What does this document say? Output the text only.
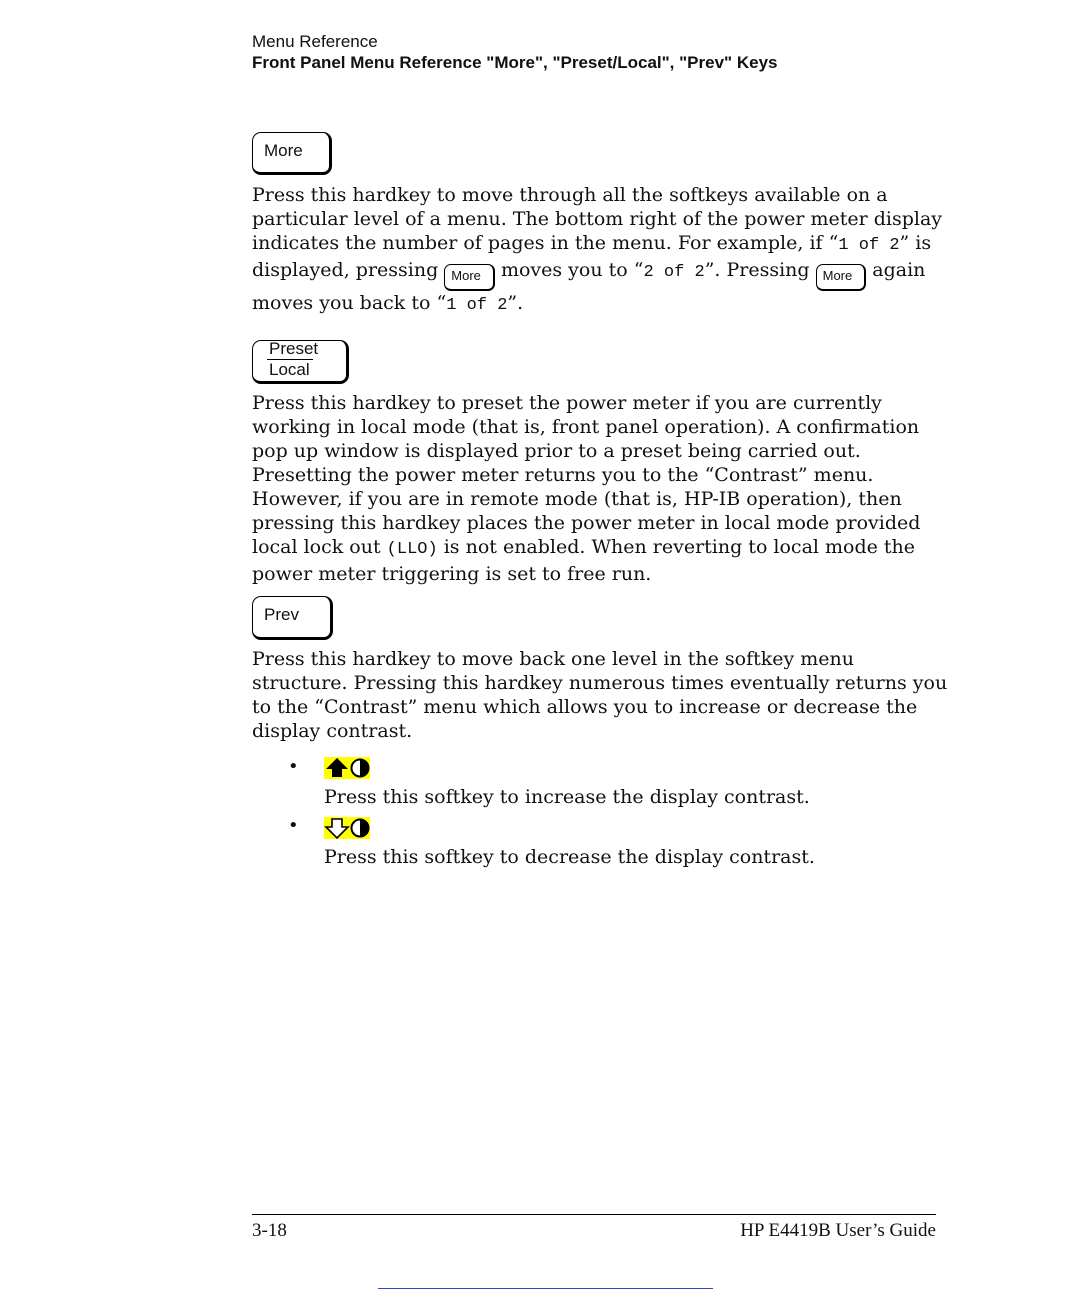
Menu Reference
Front Panel Menu Reference "More", "Preset/Local", "Prev" Keys
More

Press this hardkey to move through all the softkeys available on a particular level of a menu. The bottom right of the power meter display indicates the number of pages in the menu. For example, if “1 of 2” is displayed, pressing More moves you to “2 of 2”. Pressing More again moves you back to “1 of 2”.

Preset
Local

Press this hardkey to preset the power meter if you are currently working in local mode (that is, front panel operation). A confirmation pop up window is displayed prior to a preset being carried out. Presetting the power meter returns you to the “Contrast” menu. However, if you are in remote mode (that is, HP-IB operation), then pressing this hardkey places the power meter in local mode provided local lock out (LLO) is not enabled. When reverting to local mode the power meter triggering is set to free run.

Prev

Press this hardkey to move back one level in the softkey menu structure. Pressing this hardkey numerous times eventually returns you to the “Contrast” menu which allows you to increase or decrease the display contrast.

•

Press this softkey to increase the display contrast.

•

Press this softkey to decrease the display contrast.

3-18	HP E4419B User’s Guide
